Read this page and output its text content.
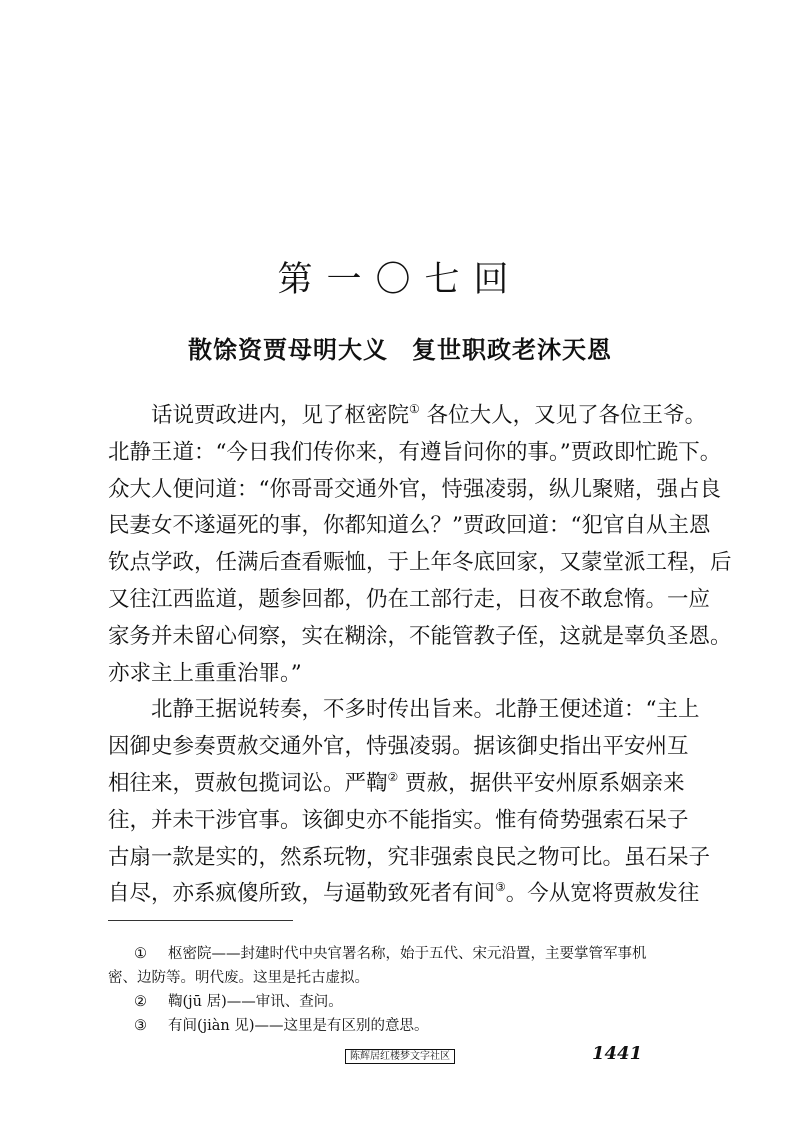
第一〇七回
散馀资贾母明大义 复世职政老沐天恩

话说贾政进内，见了枢密院① 各位大人，又见了各位王爷。
北静王道：“今日我们传你来，有遵旨问你的事。”贾政即忙跪下。
众大人便问道：“你哥哥交通外官，恃强凌弱，纵儿聚赌，强占良
民妻女不遂逼死的事，你都知道么？”贾政回道：“犯官自从主恩
钦点学政，任满后查看赈恤，于上年冬底回家，又蒙堂派工程，后
又往江西监道，题参回都，仍在工部行走，日夜不敢怠惰。一应
家务并未留心伺察，实在糊涂，不能管教子侄，这就是辜负圣恩。
亦求主上重重治罪。”

北静王据说转奏，不多时传出旨来。北静王便述道：“主上
因御史参奏贾赦交通外官，恃强凌弱。据该御史指出平安州互
相往来，贾赦包揽词讼。严鞫② 贾赦，据供平安州原系姻亲来
往，并未干涉官事。该御史亦不能指实。惟有倚势强索石呆子
古扇一款是实的，然系玩物，究非强索良民之物可比。虽石呆子
自尽，亦系疯傻所致，与逼勒致死者有间③。今从宽将贾赦发往

① 枢密院——封建时代中央官署名称，始于五代、宋元沿置，主要掌管军事机
密、边防等。明代废。这里是托古虚拟。
② 鞫(jū 居)——审讯、查问。
③ 有间(jiàn 见)——这里是有区别的意思。
陈辉居红楼梦文字社区	1441
